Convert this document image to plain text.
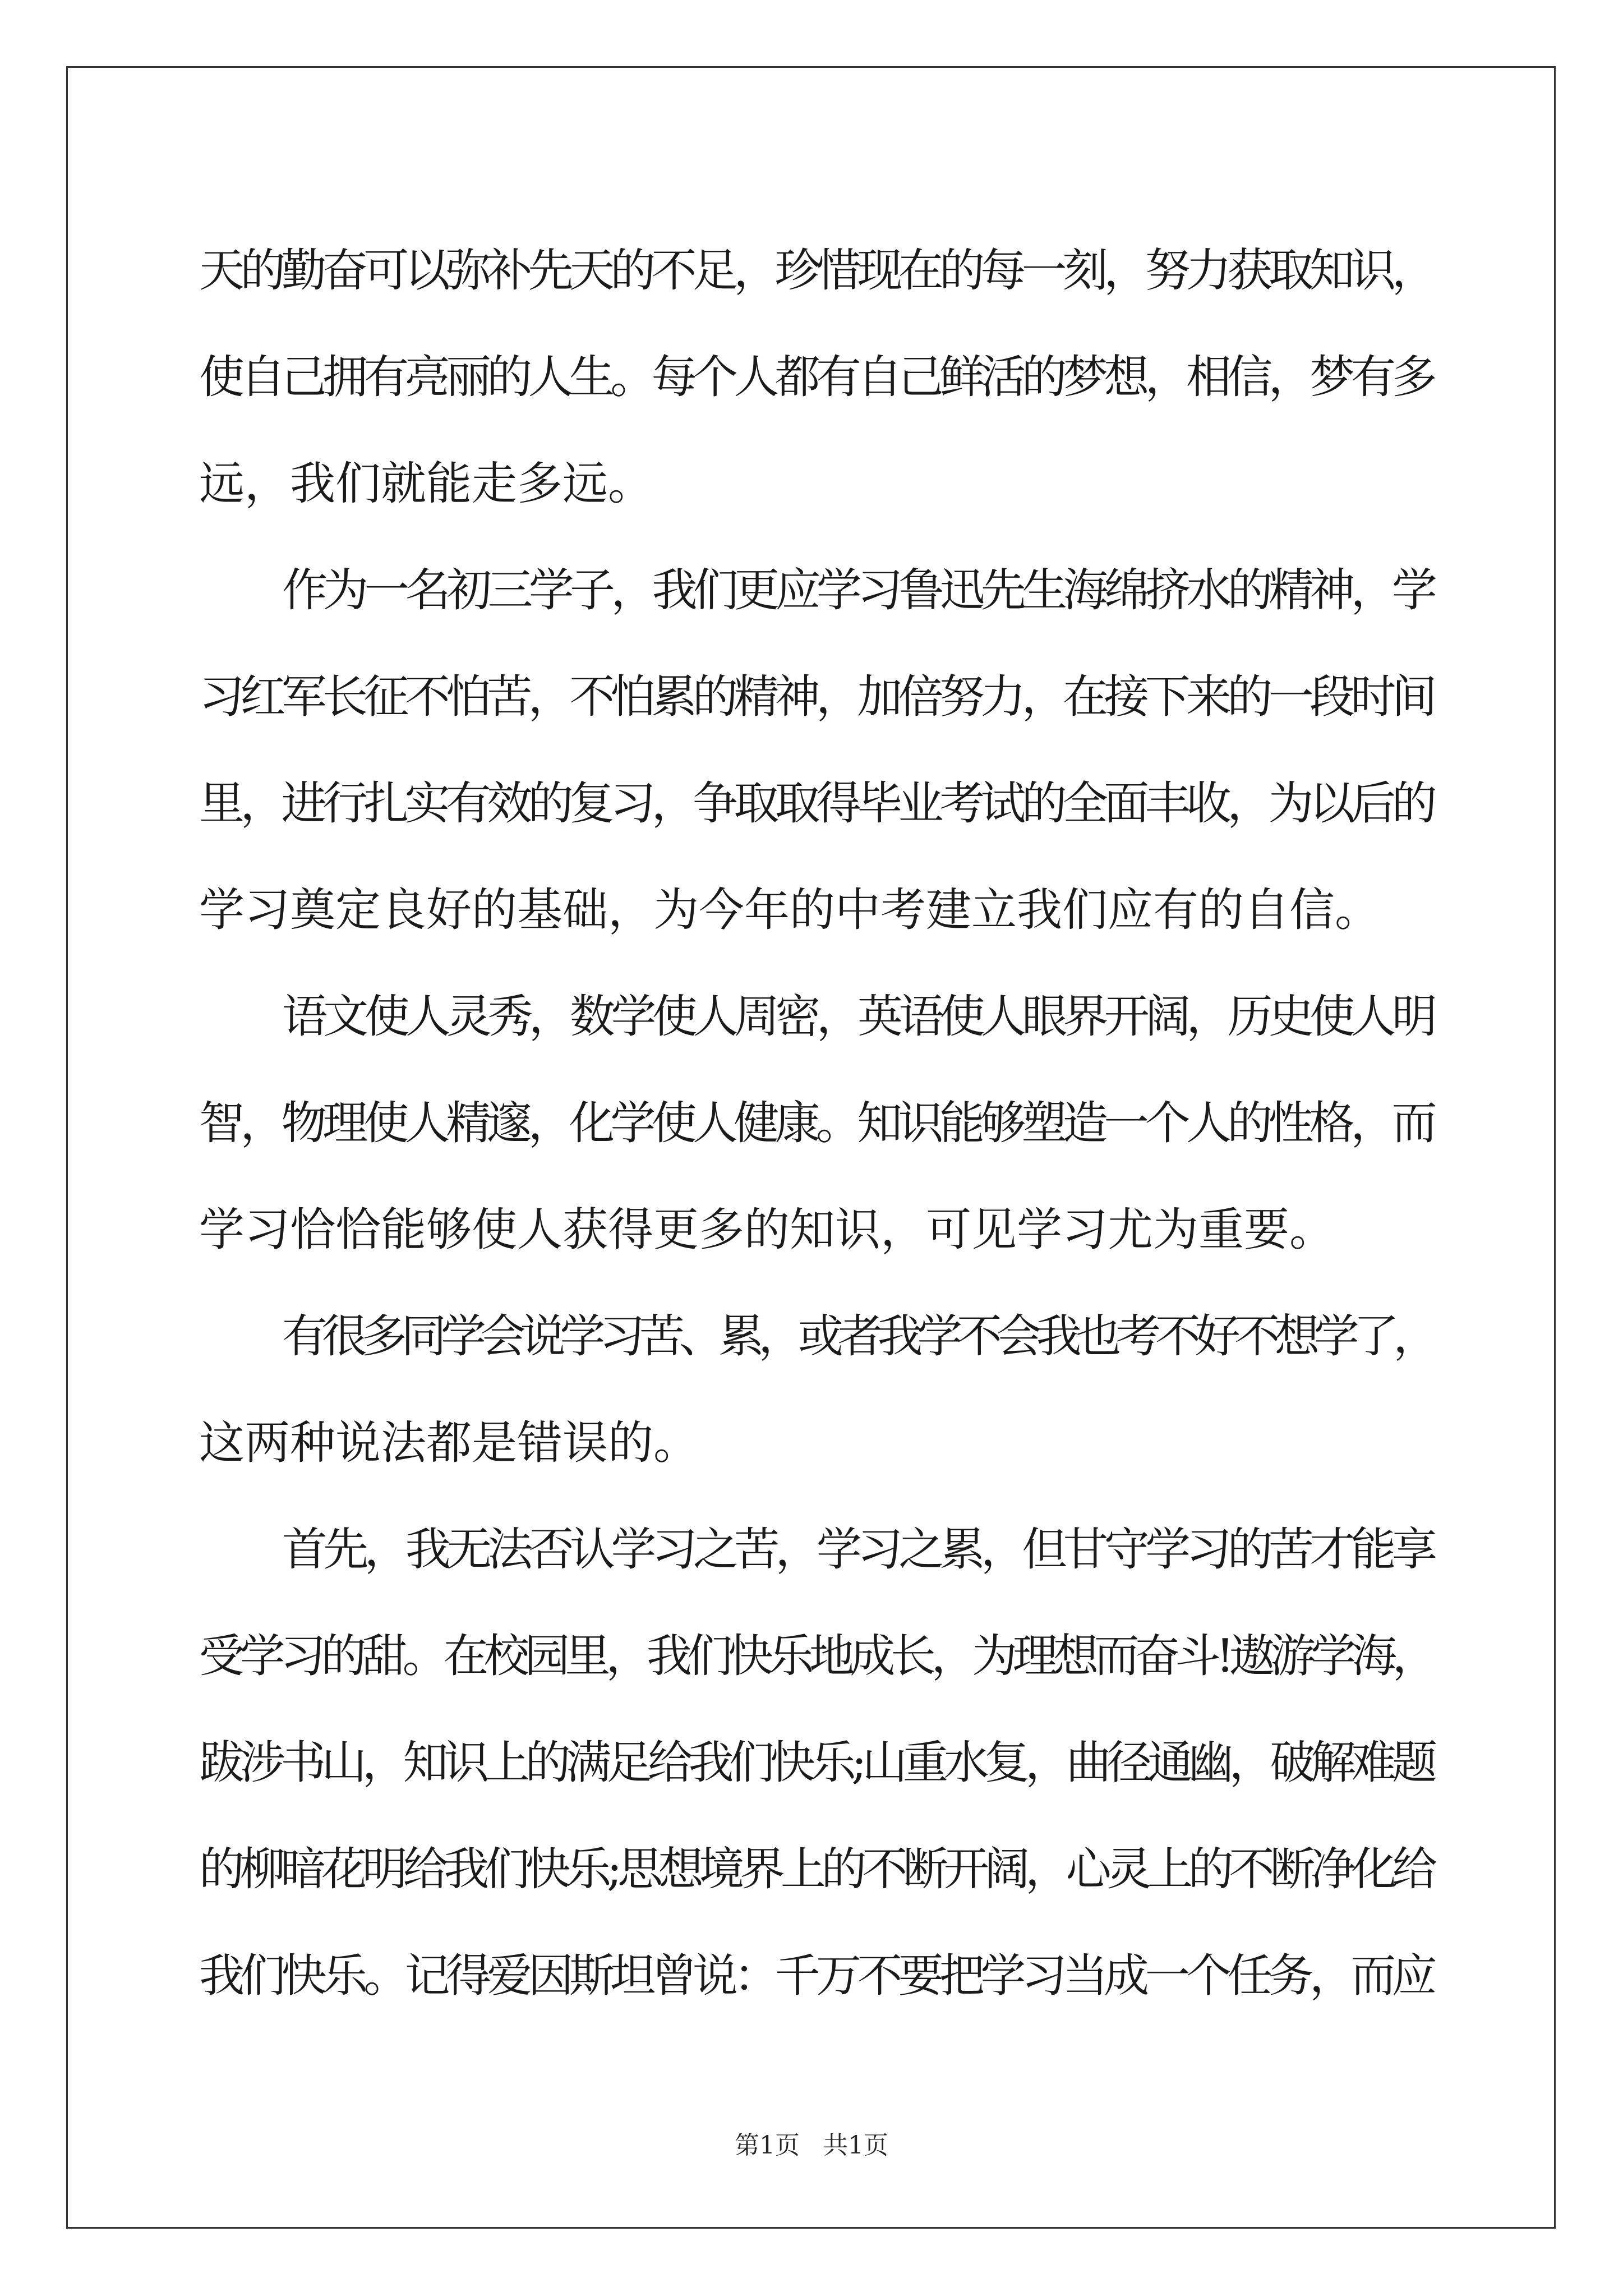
天的勤奋可以弥补先天的不足，珍惜现在的每一刻，努力获取知识，
使自己拥有亮丽的人生。每个人都有自己鲜活的梦想，相信，梦有多
远，我们就能走多远。
作为一名初三学子，我们更应学习鲁迅先生海绵挤水的精神，学
习红军长征不怕苦，不怕累的精神，加倍努力，在接下来的一段时间
里，进行扎实有效的复习，争取取得毕业考试的全面丰收，为以后的
学习奠定良好的基础，为今年的中考建立我们应有的自信。
语文使人灵秀，数学使人周密，英语使人眼界开阔，历史使人明
智，物理使人精邃，化学使人健康。知识能够塑造一个人的性格，而
学习恰恰能够使人获得更多的知识，可见学习尤为重要。
有很多同学会说学习苦、累，或者我学不会我也考不好不想学了，
这两种说法都是错误的。
首先，我无法否认学习之苦，学习之累，但甘守学习的苦才能享
受学习的甜。在校园里，我们快乐地成长，为理想而奋斗!遨游学海，
跋涉书山，知识上的满足给我们快乐;山重水复，曲径通幽，破解难题
的柳暗花明给我们快乐;思想境界上的不断开阔，心灵上的不断净化给
我们快乐。记得爱因斯坦曾说：千万不要把学习当成一个任务，而应
第1页   共1页
